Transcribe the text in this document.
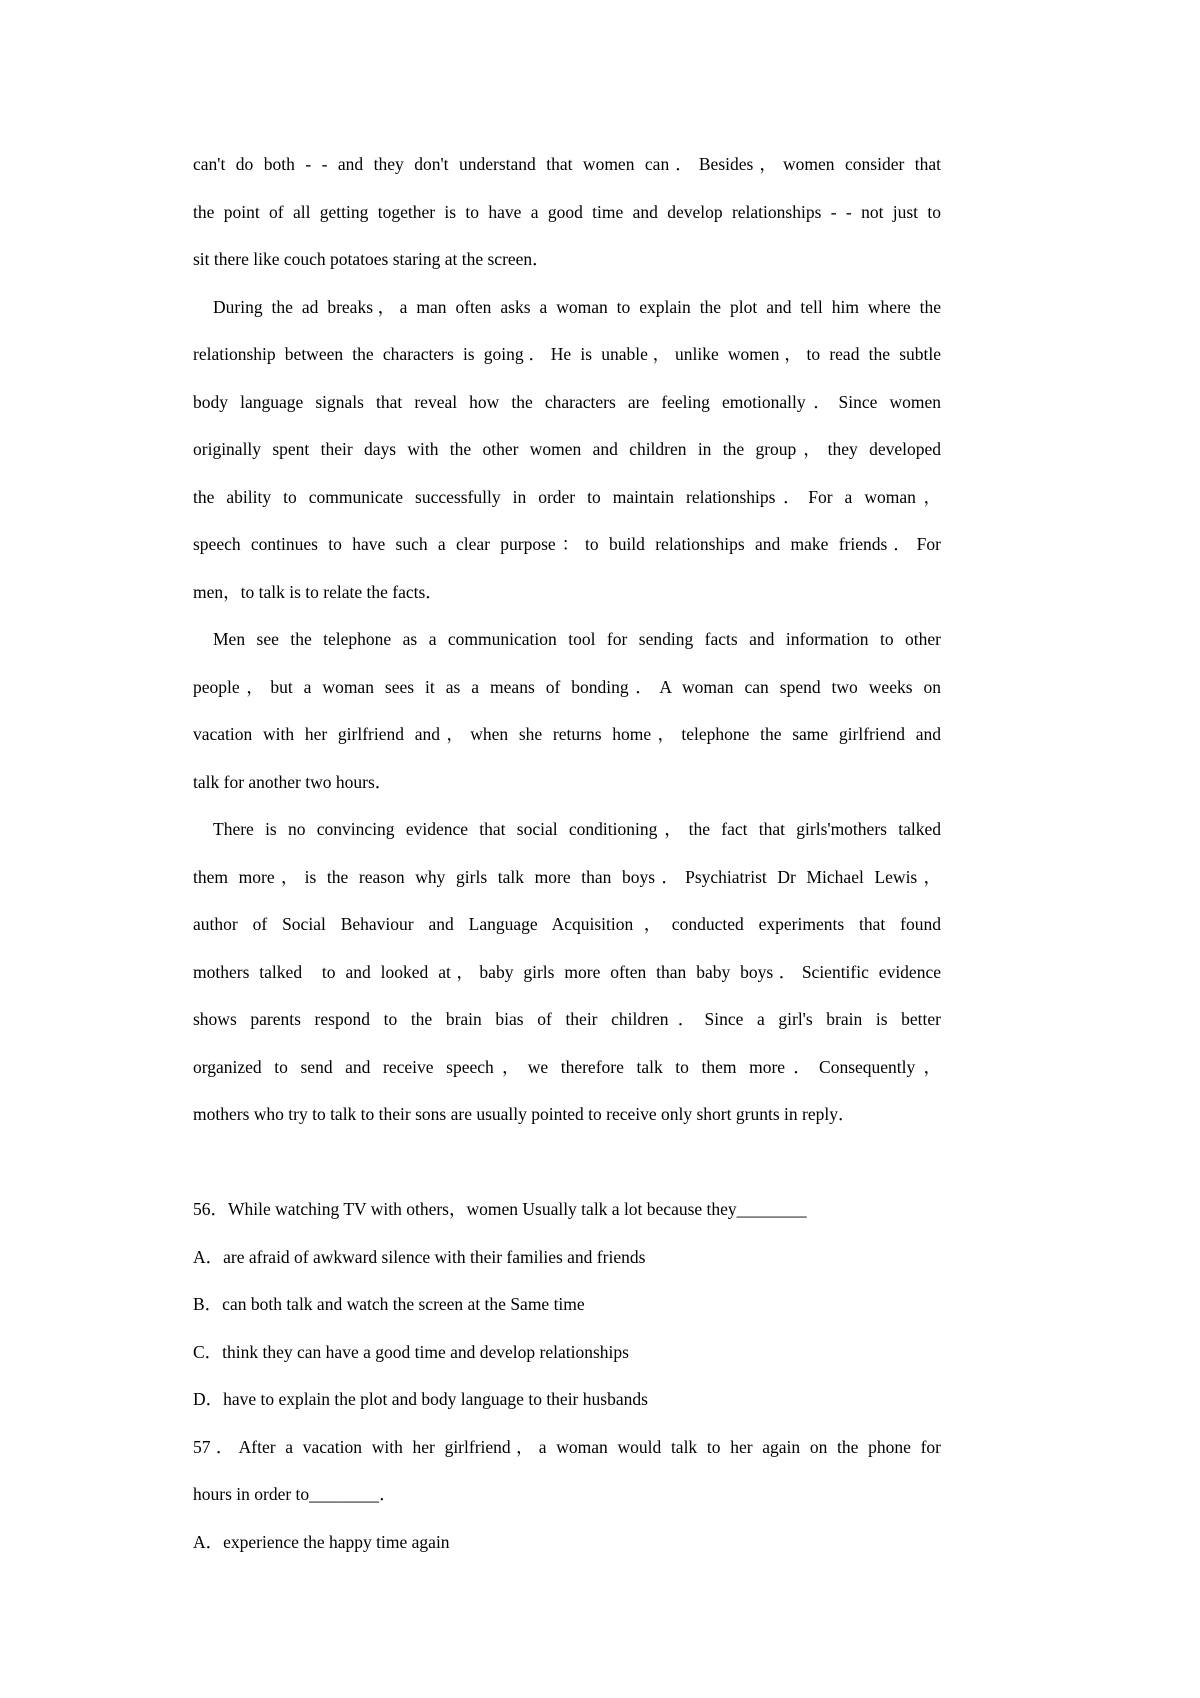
can't do both - - and they don't understand that women can．Besides，women consider that
the point of all getting together is to have a good time and develop relationships - - not just to
sit there like couch potatoes staring at the screen．
During the ad breaks，a man often asks a woman to explain the plot and tell him where the
relationship between the characters is going．He is unable，unlike women，to read the subtle
body language signals that reveal how the characters are feeling emotionally．Since women
originally spent their days with the other women and children in the group，they developed
the ability to communicate successfully in order to maintain relationships．For a woman，
speech continues to have such a clear purpose：to build relationships and make friends．For
men，to talk is to relate the facts．
Men see the telephone as a communication tool for sending facts and information to other
people，but a woman sees it as a means of bonding．A woman can spend two weeks on
vacation with her girlfriend and，when she returns home，telephone the same girlfriend and
talk for another two hours．
There is no convincing evidence that social conditioning，the fact that girls'mothers talked
them more，is the reason why girls talk more than boys．Psychiatrist Dr Michael Lewis，
author of Social Behaviour and Language Acquisition，conducted experiments that found
mothers talked  to and looked at，baby girls more often than baby boys．Scientific evidence
shows parents respond to the brain bias of their children．Since a girl's brain is better
organized to send and receive speech，we therefore talk to them more．Consequently，
mothers who try to talk to their sons are usually pointed to receive only short grunts in reply．
56．While watching TV with others，women Usually talk a lot because they________
A．are afraid of awkward silence with their families and friends
B．can both talk and watch the screen at the Same time
C．think they can have a good time and develop relationships
D．have to explain the plot and body language to their husbands
57．After a vacation with her girlfriend，a woman would talk to her again on the phone for
hours in order to________．
A．experience the happy time again
